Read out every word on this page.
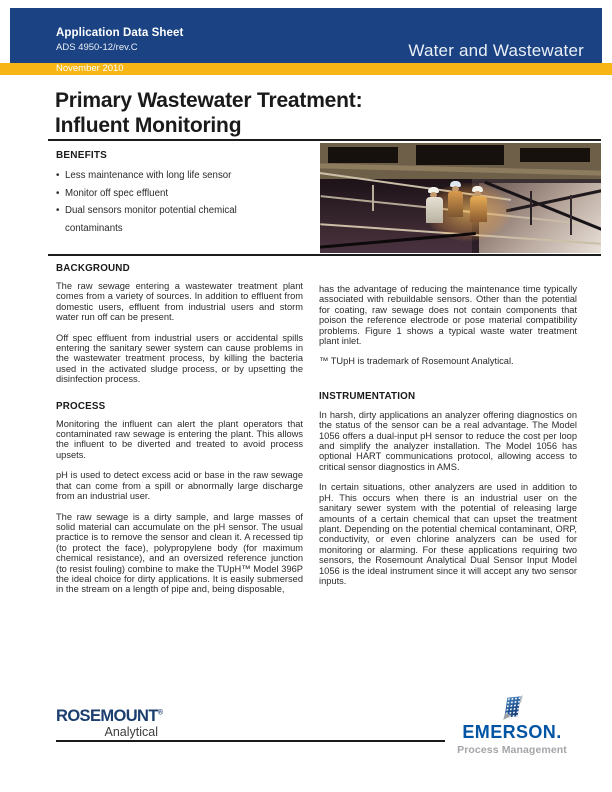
Application Data Sheet
ADS 4950-12/rev.C	Water and Wastewater
November 2010
Primary Wastewater Treatment:
Influent Monitoring
BENEFITS
• Less maintenance with long life sensor
• Monitor off spec effluent
• Dual sensors monitor potential chemical contaminants
BACKGROUND

The raw sewage entering a wastewater treatment plant comes from a variety of sources. In addition to effluent from domestic users, effluent from industrial users and storm water run off can be present.

Off spec effluent from industrial users or accidental spills entering the sanitary sewer system can cause problems in the wastewater treatment process, by killing the bacteria used in the activated sludge process, or by upsetting the disinfection process.

PROCESS

Monitoring the influent can alert the plant operators that contaminated raw sewage is entering the plant. This allows the influent to be diverted and treated to avoid process upsets.

pH is used to detect excess acid or base in the raw sewage that can come from a spill or abnormally large discharge from an industrial user.

The raw sewage is a dirty sample, and large masses of solid material can accumulate on the pH sensor. The usual practice is to remove the sensor and clean it. A recessed tip (to protect the face), polypropylene body (for maximum chemical resistance), and an oversized reference junction (to resist fouling) combine to make the TUpH™ Model 396P the ideal choice for dirty applications. It is easily submersed in the stream on a length of pipe and, being disposable,

has the advantage of reducing the maintenance time typically associated with rebuildable sensors. Other than the potential for coating, raw sewage does not contain components that poison the reference electrode or pose material compatibility problems. Figure 1 shows a typical waste water treatment plant inlet.

™ TUpH is trademark of Rosemount Analytical.

INSTRUMENTATION

In harsh, dirty applications an analyzer offering diagnostics on the status of the sensor can be a real advantage. The Model 1056 offers a dual-input pH sensor to reduce the cost per loop and simplify the analyzer installation. The Model 1056 has optional HART communications protocol, allowing access to critical sensor diagnostics in AMS.

In certain situations, other analyzers are used in addition to pH. This occurs when there is an industrial user on the sanitary sewer system with the potential of releasing large amounts of a certain chemical that can upset the treatment plant. Depending on the potential chemical contaminant, ORP, conductivity, or even chlorine analyzers can be used for monitoring or alarming. For these applications requiring two sensors, the Rosemount Analytical Dual Sensor Input Model 1056 is the ideal instrument since it will accept any two sensor inputs.

ROSEMOUNT®
Analytical	EMERSON.
Process Management
